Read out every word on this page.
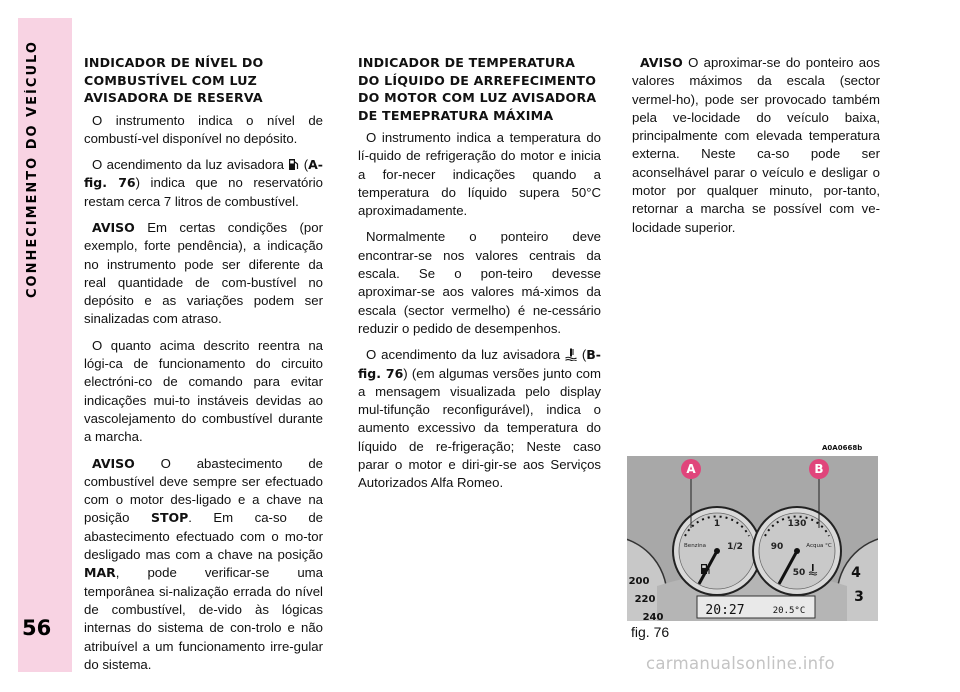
CONHECIMENTO DO VEÍCULO
56
INDICADOR DE NÍVEL DO COMBUSTÍVEL COM LUZ AVISADORA DE RESERVA

O instrumento indica o nível de combustí-vel disponível no depósito.

O acendimento da luz avisadora (A-fig. 76) indica que no reservatório restam cerca 7 litros de combustível.

AVISO Em certas condições (por exemplo, forte pendência), a indicação no instrumento pode ser diferente da real quantidade de com-bustível no depósito e as variações podem ser sinalizadas com atraso.

O quanto acima descrito reentra na lógi-ca de funcionamento do circuito electróni-co de comando para evitar indicações mui-to instáveis devidas ao vascolejamento do combustível durante a marcha.

AVISO O abastecimento de combustível deve sempre ser efectuado com o motor des-ligado e a chave na posição STOP. Em ca-so de abastecimento efectuado com o mo-tor desligado mas com a chave na posição MAR, pode verificar-se uma temporânea si-nalização errada do nível de combustível, de-vido às lógicas internas do sistema de con-trolo e não atribuível a um funcionamento irre-gular do sistema.

INDICADOR DE TEMPERATURA DO LÍQUIDO DE ARREFECIMENTO DO MOTOR COM LUZ AVISADORA DE TEMEPRATURA MÁXIMA

O instrumento indica a temperatura do lí-quido de refrigeração do motor e inicia a for-necer indicações quando a temperatura do líquido supera 50°C aproximadamente.

Normalmente o ponteiro deve encontrar-se nos valores centrais da escala. Se o pon-teiro devesse aproximar-se aos valores má-ximos da escala (sector vermelho) é ne-cessário reduzir o pedido de desempenhos.

O acendimento da luz avisadora (B-fig. 76) (em algumas versões junto com a mensagem visualizada pelo display mul-tifunção reconfigurável), indica o aumento excessivo da temperatura do líquido de re-frigeração; Neste caso parar o motor e diri-gir-se aos Serviços Autorizados Alfa Romeo.

AVISO O aproximar-se do ponteiro aos valores máximos da escala (sector vermel-ho), pode ser provocado também pela ve-locidade do veículo baixa, principalmente com elevada temperatura externa. Neste ca-so pode ser aconselhável parar o veículo e desligar o motor por qualquer minuto, por-tanto, retornar a marcha se possível com ve-locidade superior.

A0A0668b
1
1/2
Benzina
130
90
50
Acqua °C
A	B
200
220
240
4
3
20:27	20.5°C
fig. 76
carmanualsonline.info
